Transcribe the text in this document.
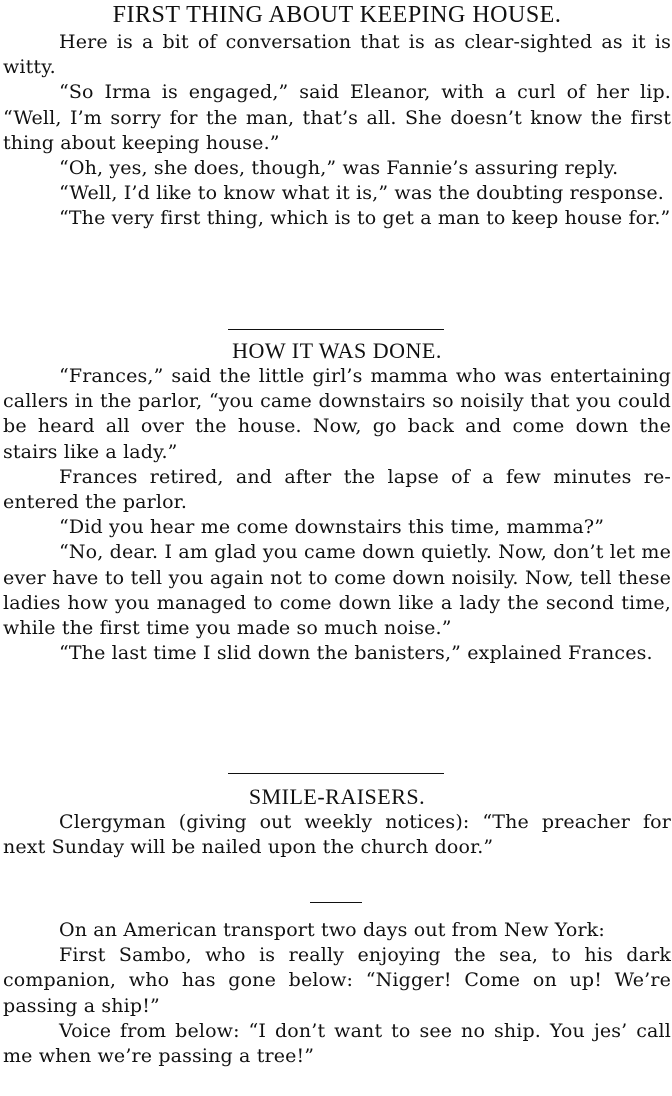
FIRST THING ABOUT KEEPING HOUSE.

Here is a bit of conversation that is as clear-sighted as it is witty.

“So Irma is engaged,” said Eleanor, with a curl of her lip. “Well, I’m sorry for the man, that’s all. She doesn’t know the first thing about keeping house.”

“Oh, yes, she does, though,” was Fannie’s assuring reply.

“Well, I’d like to know what it is,” was the doubting response.

“The very first thing, which is to get a man to keep house for.”

HOW IT WAS DONE.

“Frances,” said the little girl’s mamma who was entertaining callers in the parlor, “you came downstairs so noisily that you could be heard all over the house. Now, go back and come down the stairs like a lady.”

Frances retired, and after the lapse of a few minutes re-entered the parlor.

“Did you hear me come downstairs this time, mamma?”

“No, dear. I am glad you came down quietly. Now, don’t let me ever have to tell you again not to come down noisily. Now, tell these ladies how you managed to come down like a lady the second time, while the first time you made so much noise.”

“The last time I slid down the banisters,” explained Frances.

SMILE-RAISERS.

Clergyman (giving out weekly notices): “The preacher for next Sunday will be nailed upon the church door.”

On an American transport two days out from New York:

First Sambo, who is really enjoying the sea, to his dark companion, who has gone below: “Nigger! Come on up! We’re passing a ship!”

Voice from below: “I don’t want to see no ship. You jes’ call me when we’re passing a tree!”
